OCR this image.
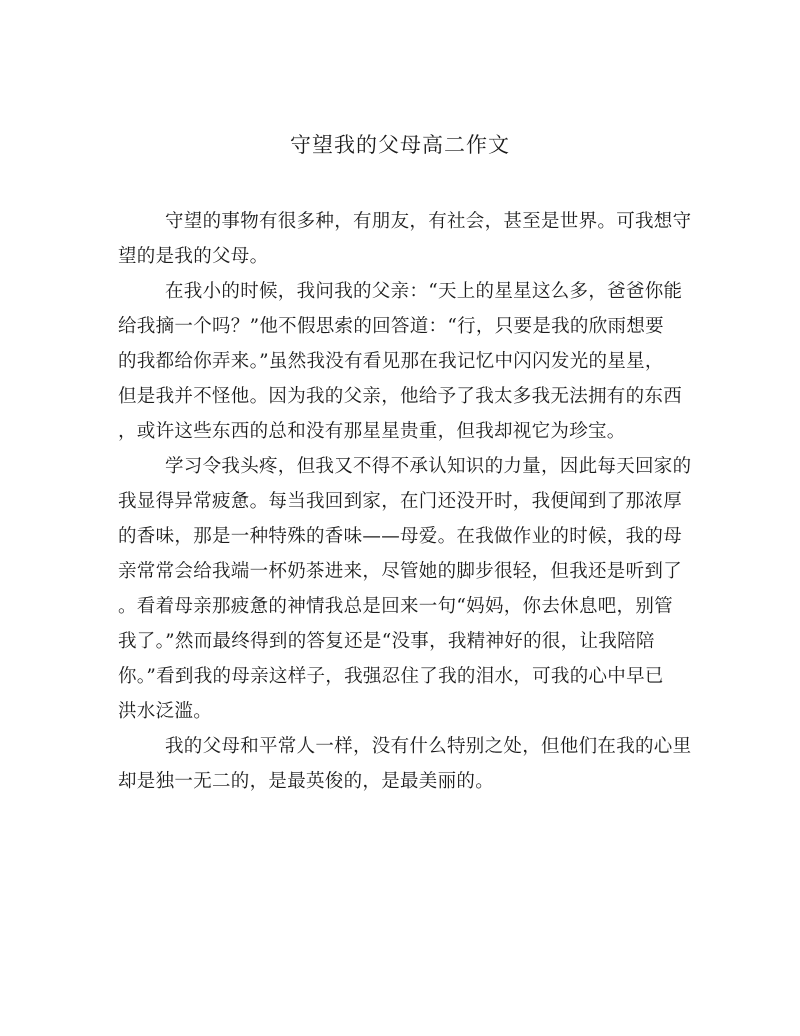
守望我的父母高二作文
守望的事物有很多种，有朋友，有社会，甚至是世界。可我想守
望的是我的父母。
在我小的时候，我问我的父亲：“天上的星星这么多，爸爸你能
给我摘一个吗？”他不假思索的回答道：“行，只要是我的欣雨想要
的我都给你弄来。”虽然我没有看见那在我记忆中闪闪发光的星星，
但是我并不怪他。因为我的父亲，他给予了我太多我无法拥有的东西
，或许这些东西的总和没有那星星贵重，但我却视它为珍宝。
学习令我头疼，但我又不得不承认知识的力量，因此每天回家的
我显得异常疲惫。每当我回到家，在门还没开时，我便闻到了那浓厚
的香味，那是一种特殊的香味——母爱。在我做作业的时候，我的母
亲常常会给我端一杯奶茶进来，尽管她的脚步很轻，但我还是听到了
。看着母亲那疲惫的神情我总是回来一句“妈妈，你去休息吧，别管
我了。”然而最终得到的答复还是“没事，我精神好的很，让我陪陪
你。”看到我的母亲这样子，我强忍住了我的泪水，可我的心中早已
洪水泛滥。
我的父母和平常人一样，没有什么特别之处，但他们在我的心里
却是独一无二的，是最英俊的，是最美丽的。
